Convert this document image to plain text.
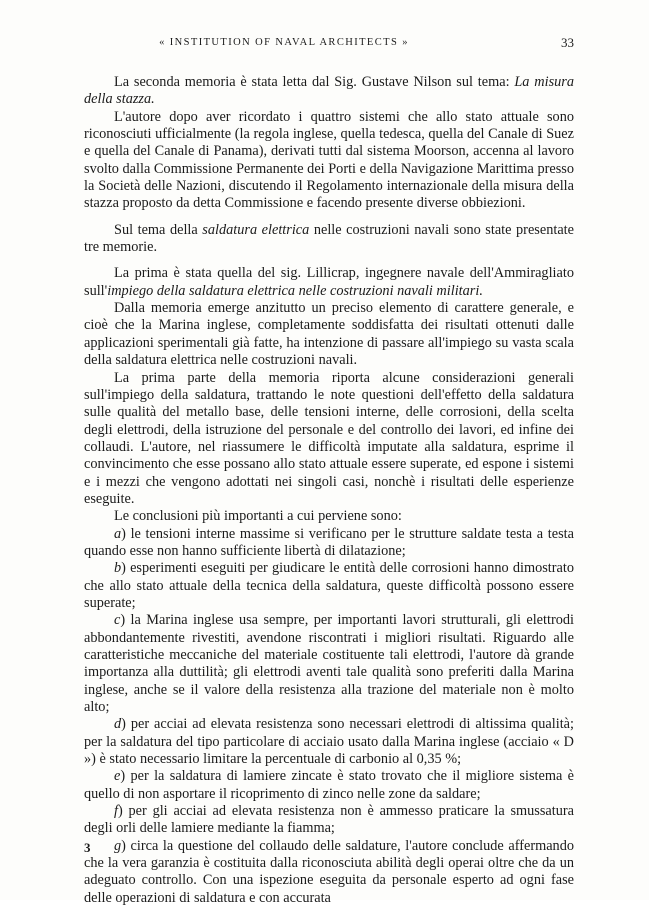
« INSTITUTION OF NAVAL ARCHITECTS »	33

La seconda memoria è stata letta dal Sig. Gustave Nilson sul tema: La misura della stazza.

L'autore dopo aver ricordato i quattro sistemi che allo stato attuale sono riconosciuti ufficialmente (la regola inglese, quella tedesca, quella del Canale di Suez e quella del Canale di Panama), derivati tutti dal sistema Moorson, accenna al lavoro svolto dalla Commissione Permanente dei Porti e della Navigazione Marittima presso la Società delle Nazioni, discutendo il Regolamento internazionale della misura della stazza proposto da detta Commissione e facendo presente diverse obbiezioni.

Sul tema della saldatura elettrica nelle costruzioni navali sono state presentate tre memorie.

La prima è stata quella del sig. Lillicrap, ingegnere navale dell'Ammiragliato sull'impiego della saldatura elettrica nelle costruzioni navali militari.

Dalla memoria emerge anzitutto un preciso elemento di carattere generale, e cioè che la Marina inglese, completamente soddisfatta dei risultati ottenuti dalle applicazioni sperimentali già fatte, ha intenzione di passare all'impiego su vasta scala della saldatura elettrica nelle costruzioni navali.

La prima parte della memoria riporta alcune considerazioni generali sull'impiego della saldatura, trattando le note questioni dell'effetto della saldatura sulle qualità del metallo base, delle tensioni interne, delle corrosioni, della scelta degli elettrodi, della istruzione del personale e del controllo dei lavori, ed infine dei collaudi. L'autore, nel riassumere le difficoltà imputate alla saldatura, esprime il convincimento che esse possano allo stato attuale essere superate, ed espone i sistemi e i mezzi che vengono adottati nei singoli casi, nonchè i risultati delle esperienze eseguite.

Le conclusioni più importanti a cui perviene sono:

a) le tensioni interne massime si verificano per le strutture saldate testa a testa quando esse non hanno sufficiente libertà di dilatazione;

b) esperimenti eseguiti per giudicare le entità delle corrosioni hanno dimostrato che allo stato attuale della tecnica della saldatura, queste difficoltà possono essere superate;

c) la Marina inglese usa sempre, per importanti lavori strutturali, gli elettrodi abbondantemente rivestiti, avendone riscontrati i migliori risultati. Riguardo alle caratteristiche meccaniche del materiale costituente tali elettrodi, l'autore dà grande importanza alla duttilità; gli elettrodi aventi tale qualità sono preferiti dalla Marina inglese, anche se il valore della resistenza alla trazione del materiale non è molto alto;

d) per acciai ad elevata resistenza sono necessari elettrodi di altissima qualità; per la saldatura del tipo particolare di acciaio usato dalla Marina inglese (acciaio « D ») è stato necessario limitare la percentuale di carbonio al 0,35 %;

e) per la saldatura di lamiere zincate è stato trovato che il migliore sistema è quello di non asportare il ricoprimento di zinco nelle zone da saldare;

f) per gli acciai ad elevata resistenza non è ammesso praticare la smussatura degli orli delle lamiere mediante la fiamma;

g) circa la questione del collaudo delle saldature, l'autore conclude affermando che la vera garanzia è costituita dalla riconosciuta abilità degli operai oltre che da un adeguato controllo. Con una ispezione eseguita da personale esperto ad ogni fase delle operazioni di saldatura e con accurata

3
